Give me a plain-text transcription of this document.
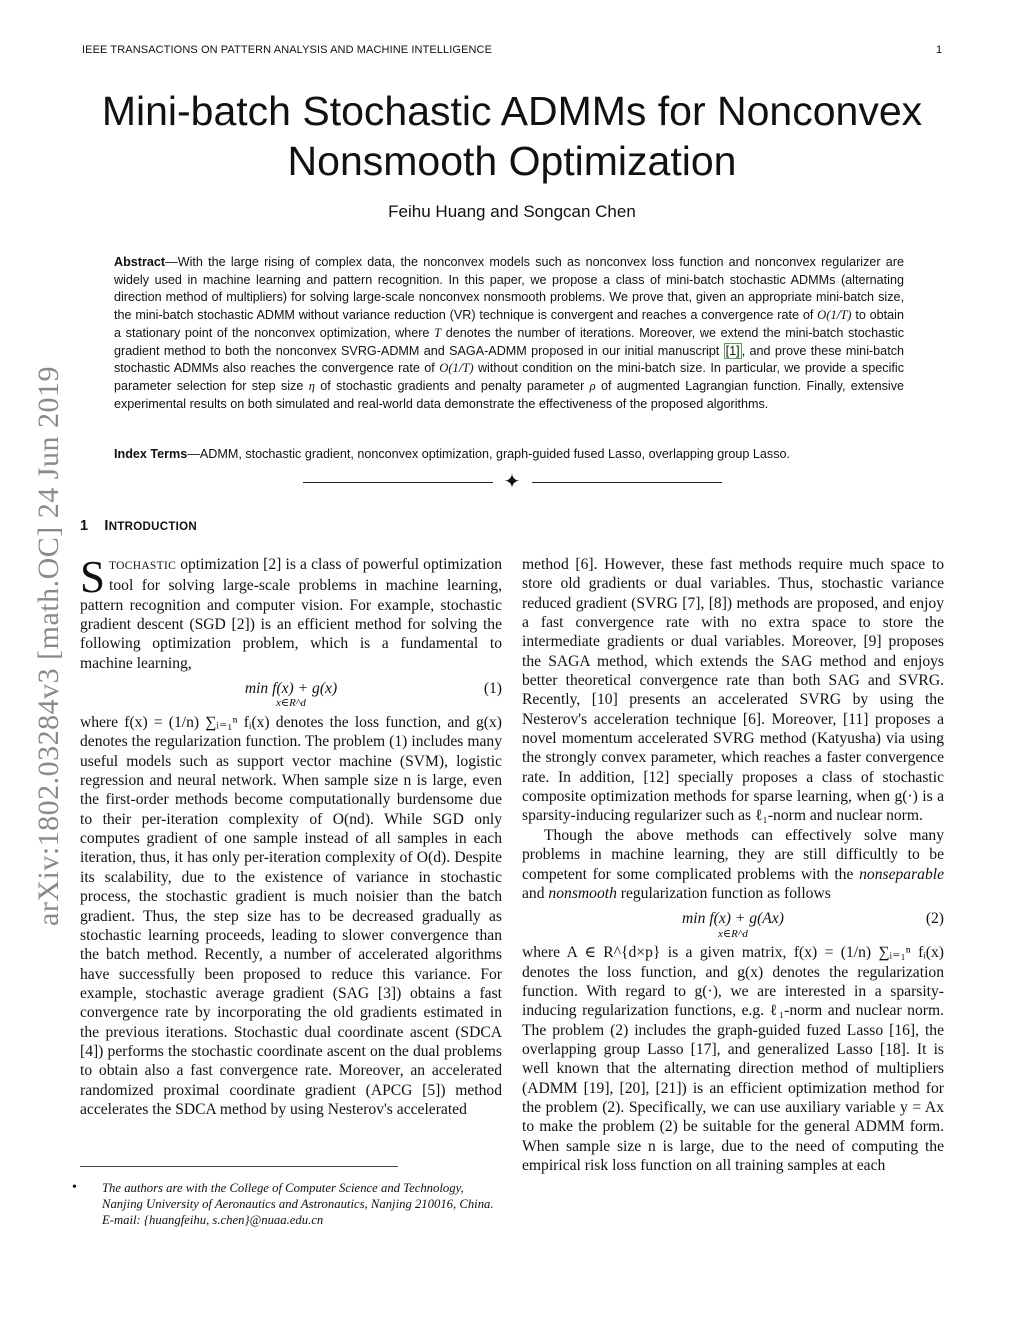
IEEE TRANSACTIONS ON PATTERN ANALYSIS AND MACHINE INTELLIGENCE	1
Mini-batch Stochastic ADMMs for Nonconvex
Nonsmooth Optimization
Feihu Huang and Songcan Chen

Abstract—With the large rising of complex data, the nonconvex models such as nonconvex loss function and nonconvex regularizer are widely used in machine learning and pattern recognition. In this paper, we propose a class of mini-batch stochastic ADMMs (alternating direction method of multipliers) for solving large-scale nonconvex nonsmooth problems. We prove that, given an appropriate mini-batch size, the mini-batch stochastic ADMM without variance reduction (VR) technique is convergent and reaches a convergence rate of O(1/T) to obtain a stationary point of the nonconvex optimization, where T denotes the number of iterations. Moreover, we extend the mini-batch stochastic gradient method to both the nonconvex SVRG-ADMM and SAGA-ADMM proposed in our initial manuscript [1] , and prove these mini-batch stochastic ADMMs also reaches the convergence rate of O(1/T) without condition on the mini-batch size. In particular, we provide a specific parameter selection for step size η of stochastic gradients and penalty parameter ρ of augmented Lagrangian function. Finally, extensive experimental results on both simulated and real-world data demonstrate the effectiveness of the proposed algorithms.

Index Terms—ADMM, stochastic gradient, nonconvex optimization, graph-guided fused Lasso, overlapping group Lasso.

✦
arXiv:1802.03284v3 [math.OC] 24 Jun 2019 1 INTRODUCTION

STOCHASTIC optimization [2] is a class of powerful optimization tool for solving large-scale problems in machine learning, pattern recognition and computer vision. For example, stochastic gradient descent (SGD [2]) is an efficient method for solving the following optimization problem, which is a fundamental to machine learning,

min f(x) + g(x)
x∈R^d
(1)

where f(x) = (1/n) ∑ᵢ₌₁ⁿ fᵢ(x) denotes the loss function, and g(x) denotes the regularization function. The problem (1) includes many useful models such as support vector machine (SVM), logistic regression and neural network. When sample size n is large, even the first-order methods become computationally burdensome due to their per-iteration complexity of O(nd). While SGD only computes gradient of one sample instead of all samples in each iteration, thus, it has only per-iteration complexity of O(d). Despite its scalability, due to the existence of variance in stochastic process, the stochastic gradient is much noisier than the batch gradient. Thus, the step size has to be decreased gradually as stochastic learning proceeds, leading to slower convergence than the batch method. Recently, a number of accelerated algorithms have successfully been proposed to reduce this variance. For example, stochastic average gradient (SAG [3]) obtains a fast convergence rate by incorporating the old gradients estimated in the previous iterations. Stochastic dual coordinate ascent (SDCA [4]) performs the stochastic coordinate ascent on the dual problems to obtain also a fast convergence rate. Moreover, an accelerated randomized proximal coordinate gradient (APCG [5]) method accelerates the SDCA method by using Nesterov's accelerated

method [6]. However, these fast methods require much space to store old gradients or dual variables. Thus, stochastic variance reduced gradient (SVRG [7], [8]) methods are proposed, and enjoy a fast convergence rate with no extra space to store the intermediate gradients or dual variables. Moreover, [9] proposes the SAGA method, which extends the SAG method and enjoys better theoretical convergence rate than both SAG and SVRG. Recently, [10] presents an accelerated SVRG by using the Nesterov's acceleration technique [6]. Moreover, [11] proposes a novel momentum accelerated SVRG method (Katyusha) via using the strongly convex parameter, which reaches a faster convergence rate. In addition, [12] specially proposes a class of stochastic composite optimization methods for sparse learning, when g(·) is a sparsity-inducing regularizer such as ℓ₁-norm and nuclear norm.

Though the above methods can effectively solve many problems in machine learning, they are still difficultly to be competent for some complicated problems with the nonseparable and nonsmooth regularization function as follows

min f(x) + g(Ax)
x∈R^d
(2)

where A ∈ R^{d×p} is a given matrix, f(x) = (1/n) ∑ᵢ₌₁ⁿ fᵢ(x) denotes the loss function, and g(x) denotes the regularization function. With regard to g(·), we are interested in a sparsity-inducing regularization functions, e.g. ℓ₁-norm and nuclear norm. The problem (2) includes the graph-guided fuzed Lasso [16], the overlapping group Lasso [17], and generalized Lasso [18]. It is well known that the alternating direction method of multipliers (ADMM [19], [20], [21]) is an efficient optimization method for the problem (2). Specifically, we can use auxiliary variable y = Ax to make the problem (2) be suitable for the general ADMM form. When sample size n is large, due to the need of computing the empirical risk loss function on all training samples at each

• The authors are with the College of Computer Science and Technology, Nanjing University of Aeronautics and Astronautics, Nanjing 210016, China. E-mail: {huangfeihu, s.chen}@nuaa.edu.cn
